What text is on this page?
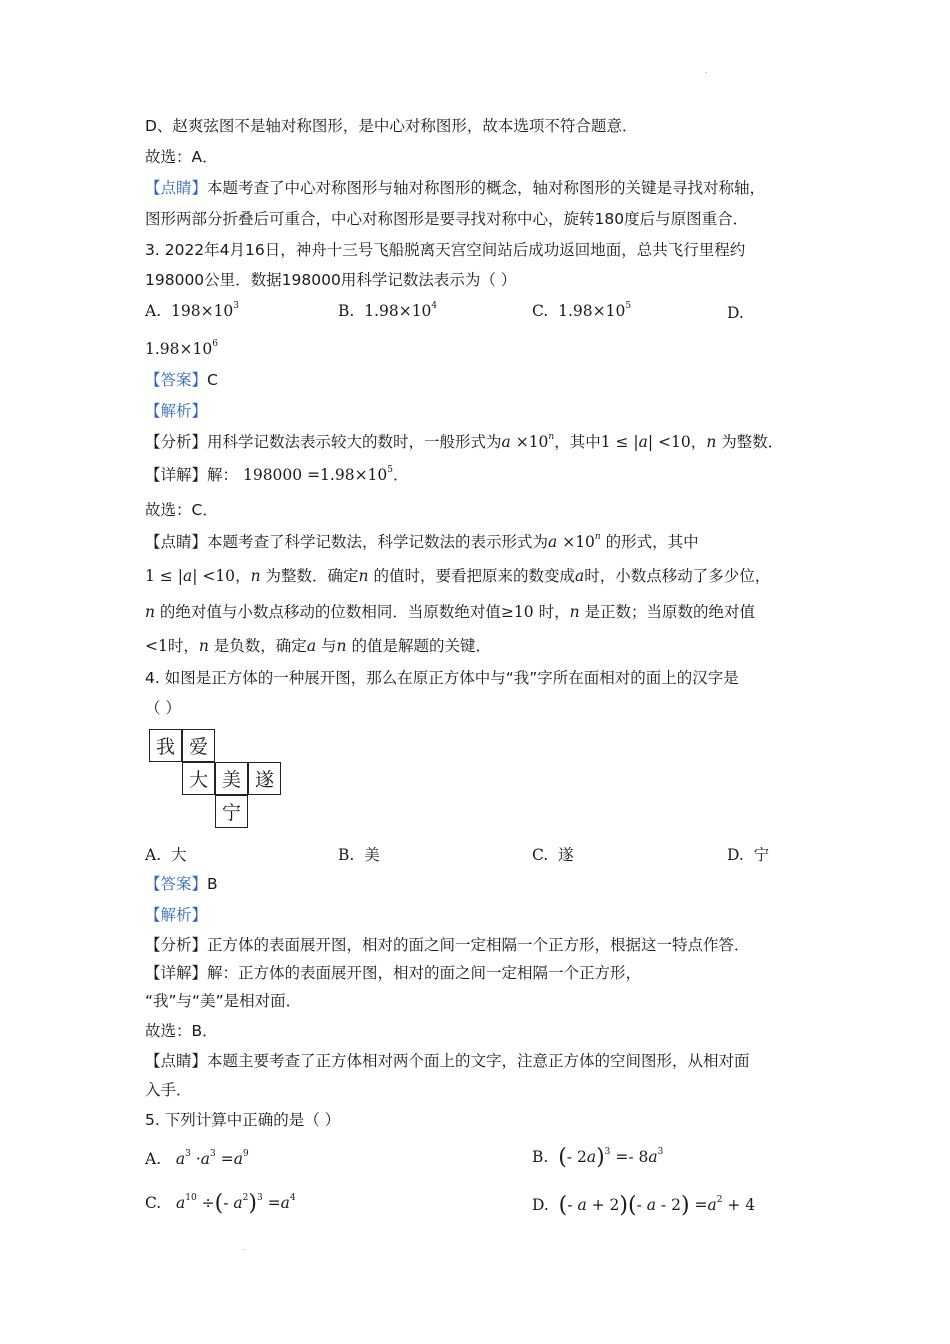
.
D、赵爽弦图不是轴对称图形，是中心对称图形，故本选项不符合题意．
故选：A．
【点睛】本题考查了中心对称图形与轴对称图形的概念，轴对称图形的关键是寻找对称轴，
图形两部分折叠后可重合，中心对称图形是要寻找对称中心，旋转180度后与原图重合．
3. 2022年4月16日，神舟十三号飞船脱离天宫空间站后成功返回地面，总共飞行里程约
198000公里．数据198000用科学记数法表示为（ ）
A. $198\times 10^3$	B. $1.98\times 10^4$	C. $1.98\times 10^5$	D.
$1.98\times 10^6$
【答案】C
【解析】
【分析】用科学记数法表示较大的数时，一般形式为$a \times 10^n$，其中1 ≤ |a| <10，n 为整数．
【详解】解： $198000 =1.98\times 10^5$．
故选：C．
【点睛】本题考查了科学记数法，科学记数法的表示形式为$a \times 10^n$ 的形式，其中
1 ≤ |a| <10，n 为整数．确定n 的值时，要看把原来的数变成a时，小数点移动了多少位，
n 的绝对值与小数点移动的位数相同．当原数绝对值≥10 时，n 是正数；当原数的绝对值
<1时，n 是负数，确定a 与n 的值是解题的关键．
4. 如图是正方体的一种展开图，那么在原正方体中与“我”字所在面相对的面上的汉字是
（ ）
我 爱
大 美 遂
宁
A. 大	B. 美	C. 遂	D. 宁
【答案】B
【解析】
【分析】正方体的表面展开图，相对的面之间一定相隔一个正方形，根据这一特点作答．
【详解】解：正方体的表面展开图，相对的面之间一定相隔一个正方形，
“我”与“美”是相对面．
故选：B．
【点睛】本题主要考查了正方体相对两个面上的文字，注意正方体的空间图形，从相对面
入手．
5. 下列计算中正确的是（ ）
A. $a^3 \cdot a^3 =a^9$	B. (- $2a)^3 =- 8a^3$
C. $a^{10}$ ÷(- $a^2)^3 =a^4$	D. (- a + 2)(- $a - 2) =a^2 + 4$
.
